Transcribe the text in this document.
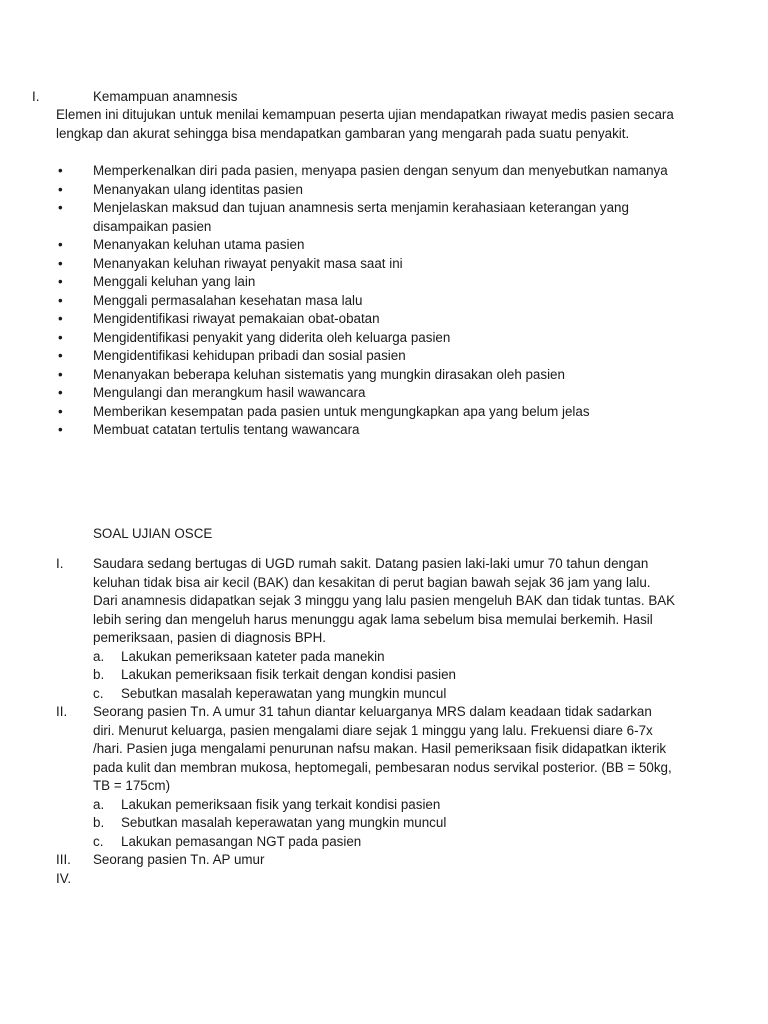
I.	Kemampuan anamnesis
Elemen ini ditujukan untuk menilai kemampuan peserta ujian mendapatkan riwayat medis pasien secara lengkap dan akurat sehingga bisa mendapatkan gambaran yang mengarah pada suatu penyakit.
• Memperkenalkan diri pada pasien, menyapa pasien dengan senyum dan menyebutkan namanya
• Menanyakan ulang identitas pasien
• Menjelaskan maksud dan tujuan anamnesis serta menjamin kerahasiaan keterangan yang disampaikan pasien
• Menanyakan keluhan utama pasien
• Menanyakan keluhan riwayat penyakit masa saat ini
• Menggali keluhan yang lain
• Menggali permasalahan kesehatan masa lalu
• Mengidentifikasi riwayat pemakaian obat-obatan
• Mengidentifikasi penyakit yang diderita oleh keluarga pasien
• Mengidentifikasi kehidupan pribadi dan sosial pasien
• Menanyakan beberapa keluhan sistematis yang mungkin dirasakan oleh pasien
• Mengulangi dan merangkum hasil wawancara
• Memberikan kesempatan pada pasien untuk mengungkapkan apa yang belum jelas
• Membuat catatan tertulis tentang wawancara
SOAL UJIAN OSCE
I. Saudara sedang bertugas di UGD rumah sakit. Datang pasien laki-laki umur 70 tahun dengan keluhan tidak bisa air kecil (BAK) dan kesakitan di perut bagian bawah sejak 36 jam yang lalu. Dari anamnesis didapatkan sejak 3 minggu yang lalu pasien mengeluh BAK dan tidak tuntas. BAK lebih sering dan mengeluh harus menunggu agak lama sebelum bisa memulai berkemih. Hasil pemeriksaan, pasien di diagnosis BPH.
a. Lakukan pemeriksaan kateter pada manekin
b. Lakukan pemeriksaan fisik terkait dengan kondisi pasien
c. Sebutkan masalah keperawatan yang mungkin muncul
II. Seorang pasien Tn. A umur 31 tahun diantar keluarganya MRS dalam keadaan tidak sadarkan diri. Menurut keluarga, pasien mengalami diare sejak 1 minggu yang lalu. Frekuensi diare 6-7x /hari. Pasien juga mengalami penurunan nafsu makan. Hasil pemeriksaan fisik didapatkan ikterik pada kulit dan membran mukosa, heptomegali, pembesaran nodus servikal posterior. (BB = 50kg, TB = 175cm)
a. Lakukan pemeriksaan fisik yang terkait kondisi pasien
b. Sebutkan masalah keperawatan yang mungkin muncul
c. Lakukan pemasangan NGT pada pasien
III. Seorang pasien Tn. AP umur
IV.
